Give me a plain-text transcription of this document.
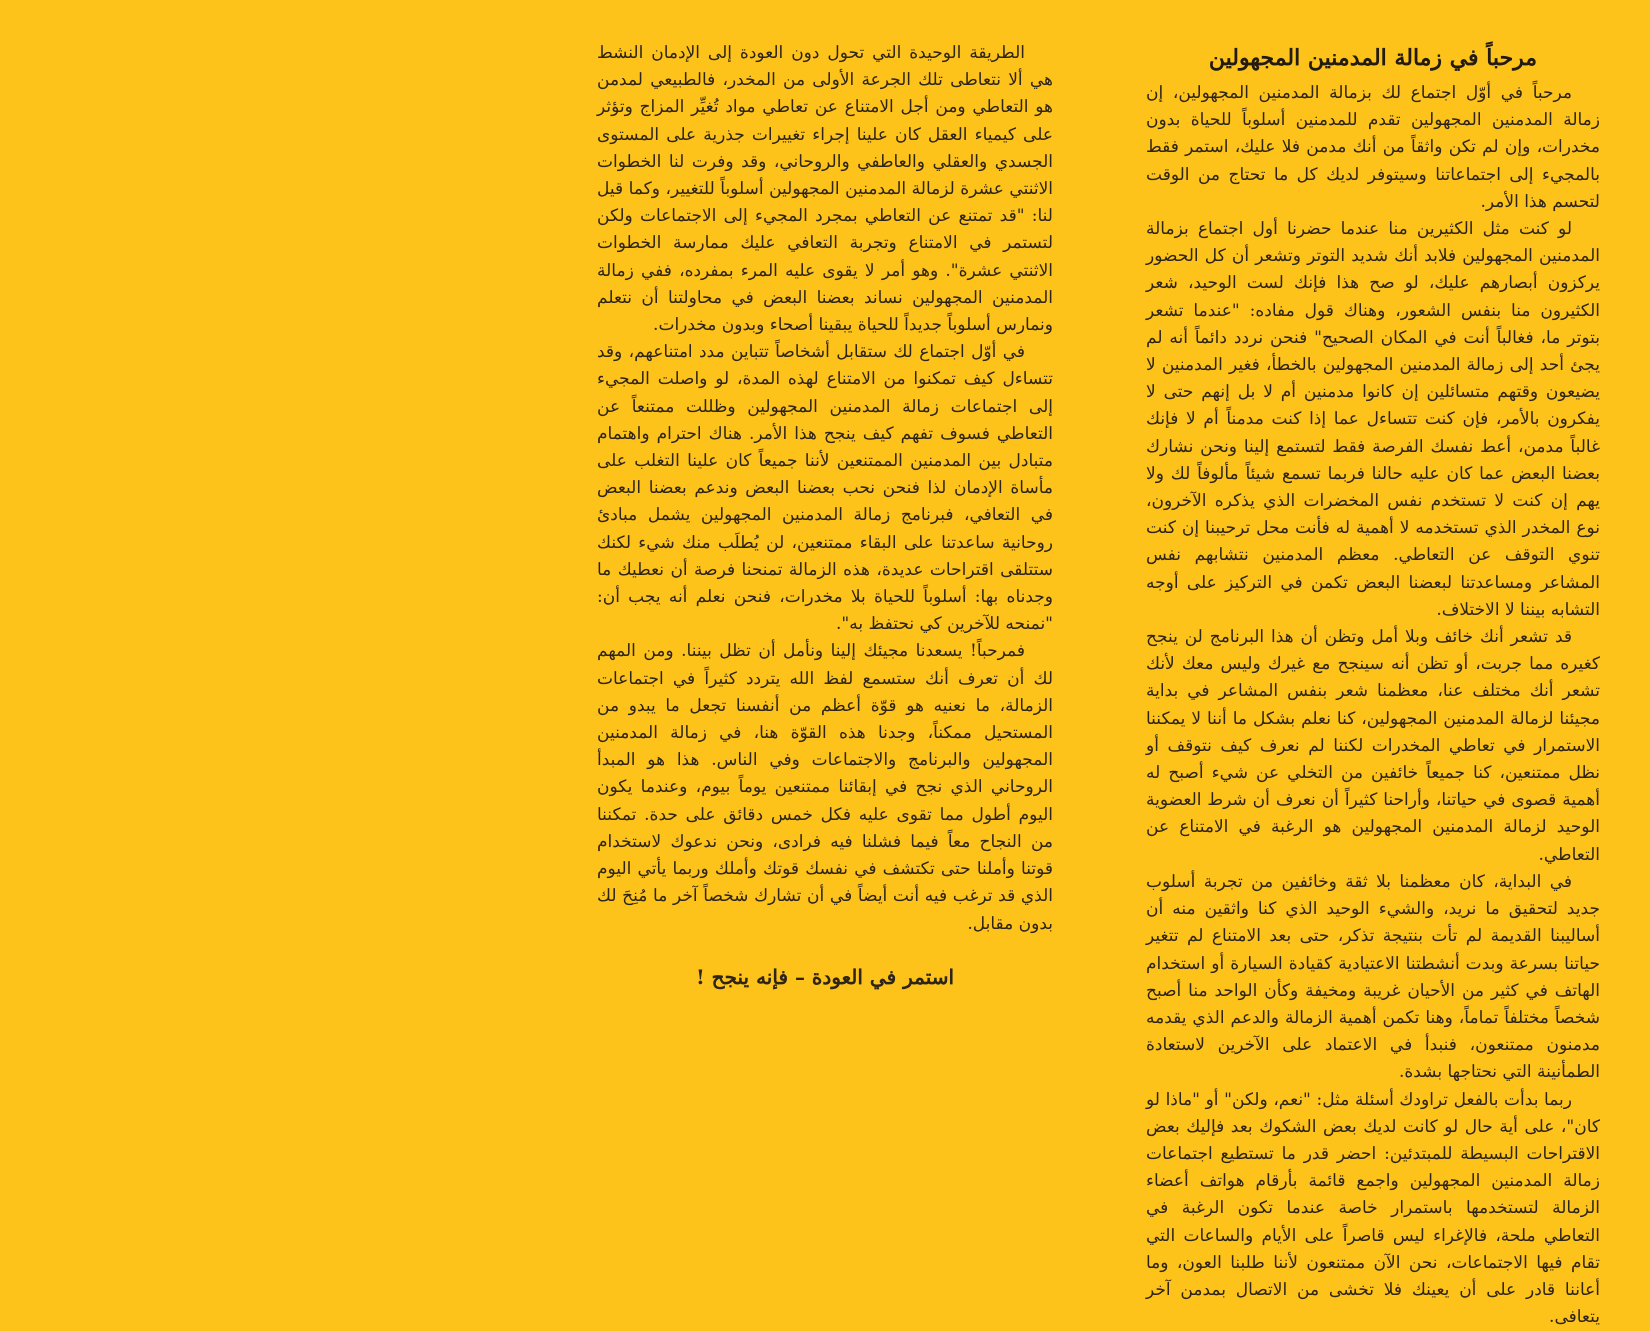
مرحباً في زمالة المدمنين المجهولين

مرحباً في أوّل اجتماع لك بزمالة المدمنين المجهولين، إن زمالة المدمنين المجهولين تقدم للمدمنين أسلوباً للحياة بدون مخدرات، وإن لم تكن واثقاً من أنك مدمن فلا عليك، استمر فقط بالمجيء إلى اجتماعاتنا وسيتوفر لديك كل ما تحتاج من الوقت لتحسم هذا الأمر.

لو كنت مثل الكثيرين منا عندما حضرنا أول اجتماع بزمالة المدمنين المجهولين فلابد أنك شديد التوتر وتشعر أن كل الحضور يركزون أبصارهم عليك، لو صح هذا فإنك لست الوحيد، شعر الكثيرون منا بنفس الشعور، وهناك قول مفاده: "عندما تشعر بتوتر ما، فغالباً أنت في المكان الصحيح" فنحن نردد دائماً أنه لم يجئ أحد إلى زمالة المدمنين المجهولين بالخطأ، فغير المدمنين لا يضيعون وقتهم متسائلين إن كانوا مدمنين أم لا بل إنهم حتى لا يفكرون بالأمر، فإن كنت تتساءل عما إذا كنت مدمناً أم لا فإنك غالباً مدمن، أعط نفسك الفرصة فقط لتستمع إلينا ونحن نشارك بعضنا البعض عما كان عليه حالنا فربما تسمع شيئاً مألوفاً لك ولا يهم إن كنت لا تستخدم نفس المخضرات الذي يذكره الآخرون، نوع المخدر الذي تستخدمه لا أهمية له فأنت محل ترحيبنا إن كنت تنوي التوقف عن التعاطي. معظم المدمنين نتشابهم نفس المشاعر ومساعدتنا لبعضنا البعض تكمن في التركيز على أوجه التشابه بيننا لا الاختلاف.

قد تشعر أنك خائف وبلا أمل وتظن أن هذا البرنامج لن ينجح كغيره مما جربت، أو تظن أنه سينجح مع غيرك وليس معك لأنك تشعر أنك مختلف عنا، معظمنا شعر بنفس المشاعر في بداية مجيئنا لزمالة المدمنين المجهولين، كنا نعلم بشكل ما أننا لا يمكننا الاستمرار في تعاطي المخدرات لكننا لم نعرف كيف نتوقف أو نظل ممتنعين، كنا جميعاً خائفين من التخلي عن شيء أصبح له أهمية قصوى في حياتنا، وأراحنا كثيراً أن نعرف أن شرط العضوية الوحيد لزمالة المدمنين المجهولين هو الرغبة في الامتناع عن التعاطي.

في البداية، كان معظمنا بلا ثقة وخائفين من تجربة أسلوب جديد لتحقيق ما نريد، والشيء الوحيد الذي كنا واثقين منه أن أساليبنا القديمة لم تأت بنتيجة تذكر، حتى بعد الامتناع لم تتغير حياتنا بسرعة وبدت أنشطتنا الاعتيادية كقيادة السيارة أو استخدام الهاتف في كثير من الأحيان غريبة ومخيفة وكأن الواحد منا أصبح شخصاً مختلفاً تماماً، وهنا تكمن أهمية الزمالة والدعم الذي يقدمه مدمنون ممتنعون، فنبدأ في الاعتماد على الآخرين لاستعادة الطمأنينة التي نحتاجها بشدة.

ربما بدأت بالفعل تراودك أسئلة مثل: "نعم، ولكن" أو "ماذا لو كان"، على أية حال لو كانت لديك بعض الشكوك بعد فإليك بعض الاقتراحات البسيطة للمبتدئين: احضر قدر ما تستطيع اجتماعات زمالة المدمنين المجهولين واجمع قائمة بأرقام هواتف أعضاء الزمالة لتستخدمها باستمرار خاصة عندما تكون الرغبة في التعاطي ملحة، فالإغراء ليس قاصراً على الأيام والساعات التي تقام فيها الاجتماعات، نحن الآن ممتنعون لأننا طلبنا العون، وما أعاننا قادر على أن يعينك فلا تخشى من الاتصال بمدمن آخر يتعافى.

الطريقة الوحيدة التي تحول دون العودة إلى الإدمان النشط هي ألا نتعاطى تلك الجرعة الأولى من المخدر، فالطبيعي لمدمن هو التعاطي ومن أجل الامتناع عن تعاطي مواد تُغيِّر المزاج وتؤثر على كيمياء العقل كان علينا إجراء تغييرات جذرية على المستوى الجسدي والعقلي والعاطفي والروحاني، وقد وفرت لنا الخطوات الاثنتي عشرة لزمالة المدمنين المجهولين أسلوباً للتغيير، وكما قيل لنا: "قد تمتنع عن التعاطي بمجرد المجيء إلى الاجتماعات ولكن لتستمر في الامتناع وتجربة التعافي عليك ممارسة الخطوات الاثنتي عشرة". وهو أمر لا يقوى عليه المرء بمفرده، ففي زمالة المدمنين المجهولين نساند بعضنا البعض في محاولتنا أن نتعلم ونمارس أسلوباً جديداً للحياة يبقينا أصحاء وبدون مخدرات.

في أوّل اجتماع لك ستقابل أشخاصاً تتباين مدد امتناعهم، وقد تتساءل كيف تمكنوا من الامتناع لهذه المدة، لو واصلت المجيء إلى اجتماعات زمالة المدمنين المجهولين وظللت ممتنعاً عن التعاطي فسوف تفهم كيف ينجح هذا الأمر. هناك احترام واهتمام متبادل بين المدمنين الممتنعين لأننا جميعاً كان علينا التغلب على مأساة الإدمان لذا فنحن نحب بعضنا البعض وندعم بعضنا البعض في التعافي، فبرنامج زمالة المدمنين المجهولين يشمل مبادئ روحانية ساعدتنا على البقاء ممتنعين، لن يُطلَب منك شيء لكنك ستتلقى اقتراحات عديدة، هذه الزمالة تمنحنا فرصة أن نعطيك ما وجدناه بها: أسلوباً للحياة بلا مخدرات، فنحن نعلم أنه يجب أن: "نمنحه للآخرين كي نحتفظ به".

فمرحباً! يسعدنا مجيئك إلينا ونأمل أن تظل بيننا. ومن المهم لك أن تعرف أنك ستسمع لفظ الله يتردد كثيراً في اجتماعات الزمالة، ما نعنيه هو قوّة أعظم من أنفسنا تجعل ما يبدو من المستحيل ممكناً، وجدنا هذه القوّة هنا، في زمالة المدمنين المجهولين والبرنامج والاجتماعات وفي الناس. هذا هو المبدأ الروحاني الذي نجح في إبقائنا ممتنعين يوماً بيوم، وعندما يكون اليوم أطول مما تقوى عليه فكل خمس دقائق على حدة. تمكننا من النجاح معاً فيما فشلنا فيه فرادى، ونحن ندعوك لاستخدام قوتنا وأملنا حتى تكتشف في نفسك قوتك وأملك وربما يأتي اليوم الذي قد ترغب فيه أنت أيضاً في أن تشارك شخصاً آخر ما مُنِحَ لك بدون مقابل.

استمر في العودة – فإنه ينجح !
